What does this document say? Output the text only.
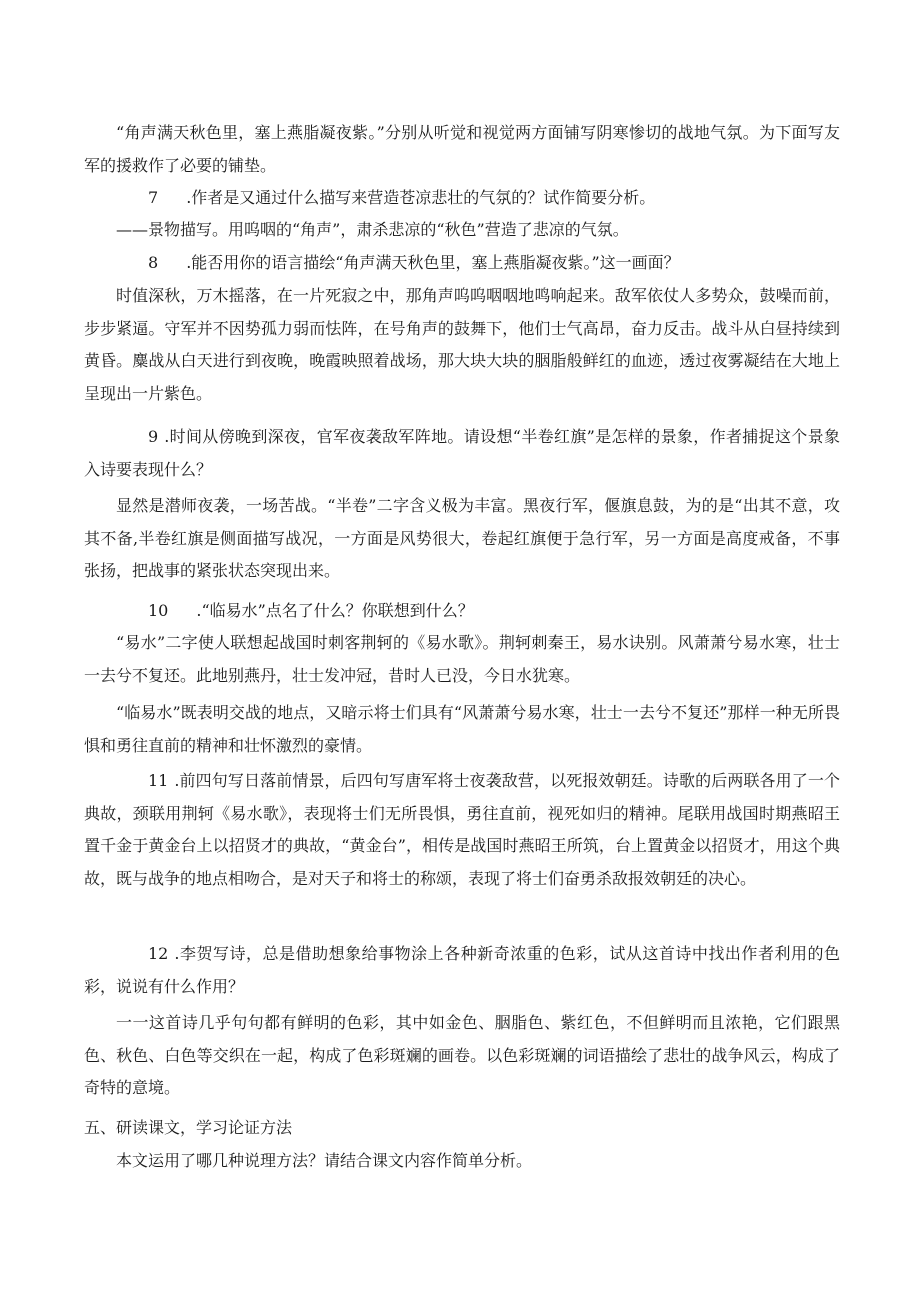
“角声满天秋色里，塞上燕脂凝夜紫。”分别从听觉和视觉两方面铺写阴寒惨切的战地气氛。为下面写友军的援救作了必要的铺垫。

7 .作者是又通过什么描写来营造苍凉悲壮的气氛的？试作简要分析。

——景物描写。用呜咽的“角声”，肃杀悲凉的“秋色”营造了悲凉的气氛。

8 .能否用你的语言描绘“角声满天秋色里，塞上燕脂凝夜紫。”这一画面？

时值深秋，万木摇落，在一片死寂之中，那角声呜呜咽咽地鸣响起来。敌军依仗人多势众，鼓噪而前，步步紧逼。守军并不因势孤力弱而怯阵，在号角声的鼓舞下，他们士气高昂，奋力反击。战斗从白昼持续到黄昏。麋战从白天进行到夜晚，晚霞映照着战场，那大块大块的胭脂般鲜红的血迹，透过夜雾凝结在大地上呈现出一片紫色。

9 .时间从傍晚到深夜，官军夜袭敌军阵地。请设想“半卷红旗”是怎样的景象，作者捕捉这个景象入诗要表现什么？

显然是潜师夜袭，一场苦战。“半卷”二字含义极为丰富。黑夜行军，偃旗息鼓，为的是“出其不意，攻其不备,半卷红旗是侧面描写战况，一方面是风势很大，卷起红旗便于急行军，另一方面是高度戒备，不事张扬，把战事的紧张状态突现出来。

10 .“临易水”点名了什么？你联想到什么？

“易水”二字使人联想起战国时刺客荆轲的《易水歌》。荆轲刺秦王，易水诀别。风萧萧兮易水寒，壮士一去兮不复还。此地别燕丹，壮士发冲冠，昔时人已没，今日水犹寒。

“临易水”既表明交战的地点，又暗示将士们具有“风萧萧兮易水寒，壮士一去兮不复还”那样一种无所畏惧和勇往直前的精神和壮怀激烈的豪情。

11 .前四句写日落前情景，后四句写唐军将士夜袭敌营，以死报效朝廷。诗歌的后两联各用了一个典故，颈联用荆轲《易水歌》，表现将士们无所畏惧，勇往直前，视死如归的精神。尾联用战国时期燕昭王置千金于黄金台上以招贤才的典故，“黄金台”，相传是战国时燕昭王所筑，台上置黄金以招贤才，用这个典故，既与战争的地点相吻合，是对天子和将士的称颂，表现了将士们奋勇杀敌报效朝廷的决心。

12 .李贺写诗，总是借助想象给事物涂上各种新奇浓重的色彩，试从这首诗中找出作者利用的色彩，说说有什么作用？

一一这首诗几乎句句都有鲜明的色彩，其中如金色、胭脂色、紫红色，不但鲜明而且浓艳，它们跟黑色、秋色、白色等交织在一起，构成了色彩斑斓的画卷。以色彩斑斓的词语描绘了悲壮的战争风云，构成了奇特的意境。

五、研读课文，学习论证方法

本文运用了哪几种说理方法？请结合课文内容作简单分析。
